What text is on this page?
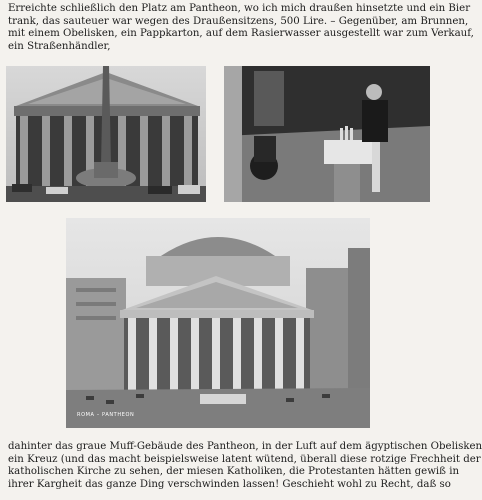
Erreichte schließlich den Platz am Pantheon, wo ich mich draußen hinsetzte und ein Bier
trank, das sauteuer war wegen des Draußensitzens, 500 Lire. – Gegenüber, am Brunnen,
mit einem Obelisken, ein Pappkarton, auf dem Rasierwasser ausgestellt war zum Verkauf,
ein Straßenhändler,
ROMA – PANTHEON
dahinter das graue Muff-Gebäude des Pantheon, in der Luft auf dem ägyptischen Obelisken
ein Kreuz (und das macht beispielsweise latent wütend, überall diese rotzige Frechheit der
katholischen Kirche zu sehen, der miesen Katholiken, die Protestanten hätten gewiß in
ihrer Kargheit das ganze Ding verschwinden lassen! Geschieht wohl zu Recht, daß so
